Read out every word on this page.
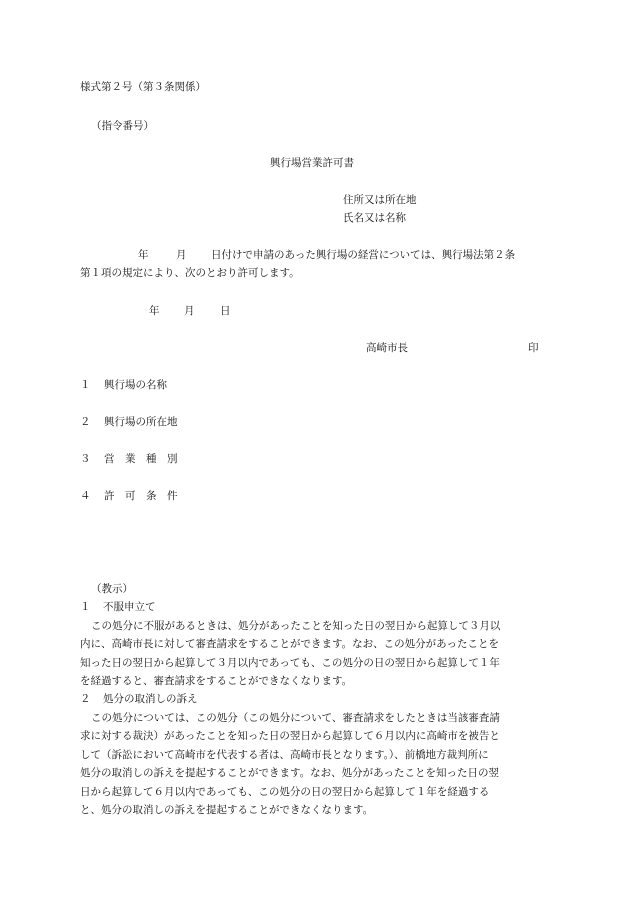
様式第２号（第３条関係）
（指令番号）
興行場営業許可書
住所又は所在地
氏名又は名称
年	月 日付けで申請のあった興行場の経営については、興行場法第２条
第１項の規定により、次のとおり許可します。
年 月 日
高崎市長	印
１ 興行場の名称
２ 興行場の所在地
３ 営　業　種　別
４ 許　可　条　件
（教示）
１ 不服申立て
この処分に不服があるときは、処分があったことを知った日の翌日から起算して３月以
内に、高崎市長に対して審査請求をすることができます。なお、この処分があったことを
知った日の翌日から起算して３月以内であっても、この処分の日の翌日から起算して１年
を経過すると、審査請求をすることができなくなります。
２ 処分の取消しの訴え
この処分については、この処分（この処分について、審査請求をしたときは当該審査請
求に対する裁決）があったことを知った日の翌日から起算して６月以内に高崎市を被告と
して（訴訟において高崎市を代表する者は、高崎市長となります。）、前橋地方裁判所に
処分の取消しの訴えを提起することができます。なお、処分があったことを知った日の翌
日から起算して６月以内であっても、この処分の日の翌日から起算して１年を経過する
と、処分の取消しの訴えを提起することができなくなります。
